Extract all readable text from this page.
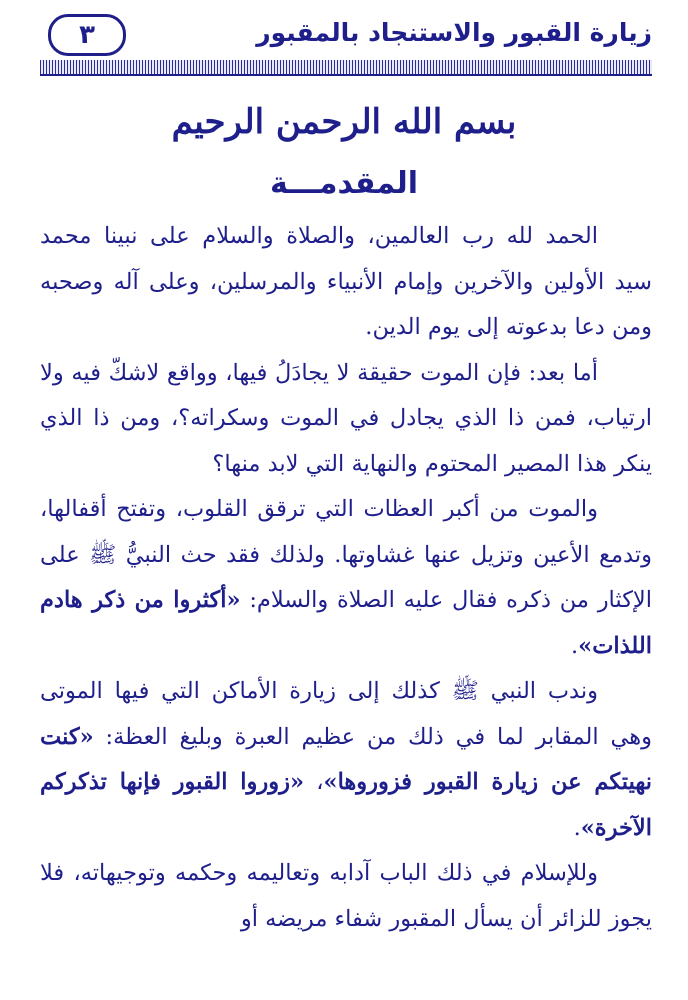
زيارة القبور والاستنجاد بالمقبور
٣
بسم الله الرحمن الرحيم
المقدمـــة

الحمد لله رب العالمين، والصلاة والسلام على نبينا محمد سيد الأولين والآخرين وإمام الأنبياء والمرسلين، وعلى آله وصحبه ومن دعا بدعوته إلى يوم الدين.

أما بعد: فإن الموت حقيقة لا يجادَلُ فيها، وواقع لاشكّ فيه ولا ارتياب، فمن ذا الذي يجادل في الموت وسكراته؟، ومن ذا الذي ينكر هذا المصير المحتوم والنهاية التي لابد منها؟

والموت من أكبر العظات التي ترقق القلوب، وتفتح أقفالها، وتدمع الأعين وتزيل عنها غشاوتها. ولذلك فقد حث النبيُّ ﷺ على الإكثار من ذكره فقال عليه الصلاة والسلام: «أكثروا من ذكر هادم اللذات».

وندب النبي ﷺ كذلك إلى زيارة الأماكن التي فيها الموتى وهي المقابر لما في ذلك من عظيم العبرة وبليغ العظة: «كنت نهيتكم عن زيارة القبور فزوروها»، «زوروا القبور فإنها تذكركم الآخرة».

وللإسلام في ذلك الباب آدابه وتعاليمه وحكمه وتوجيهاته، فلا يجوز للزائر أن يسأل المقبور شفاء مريضه أو
